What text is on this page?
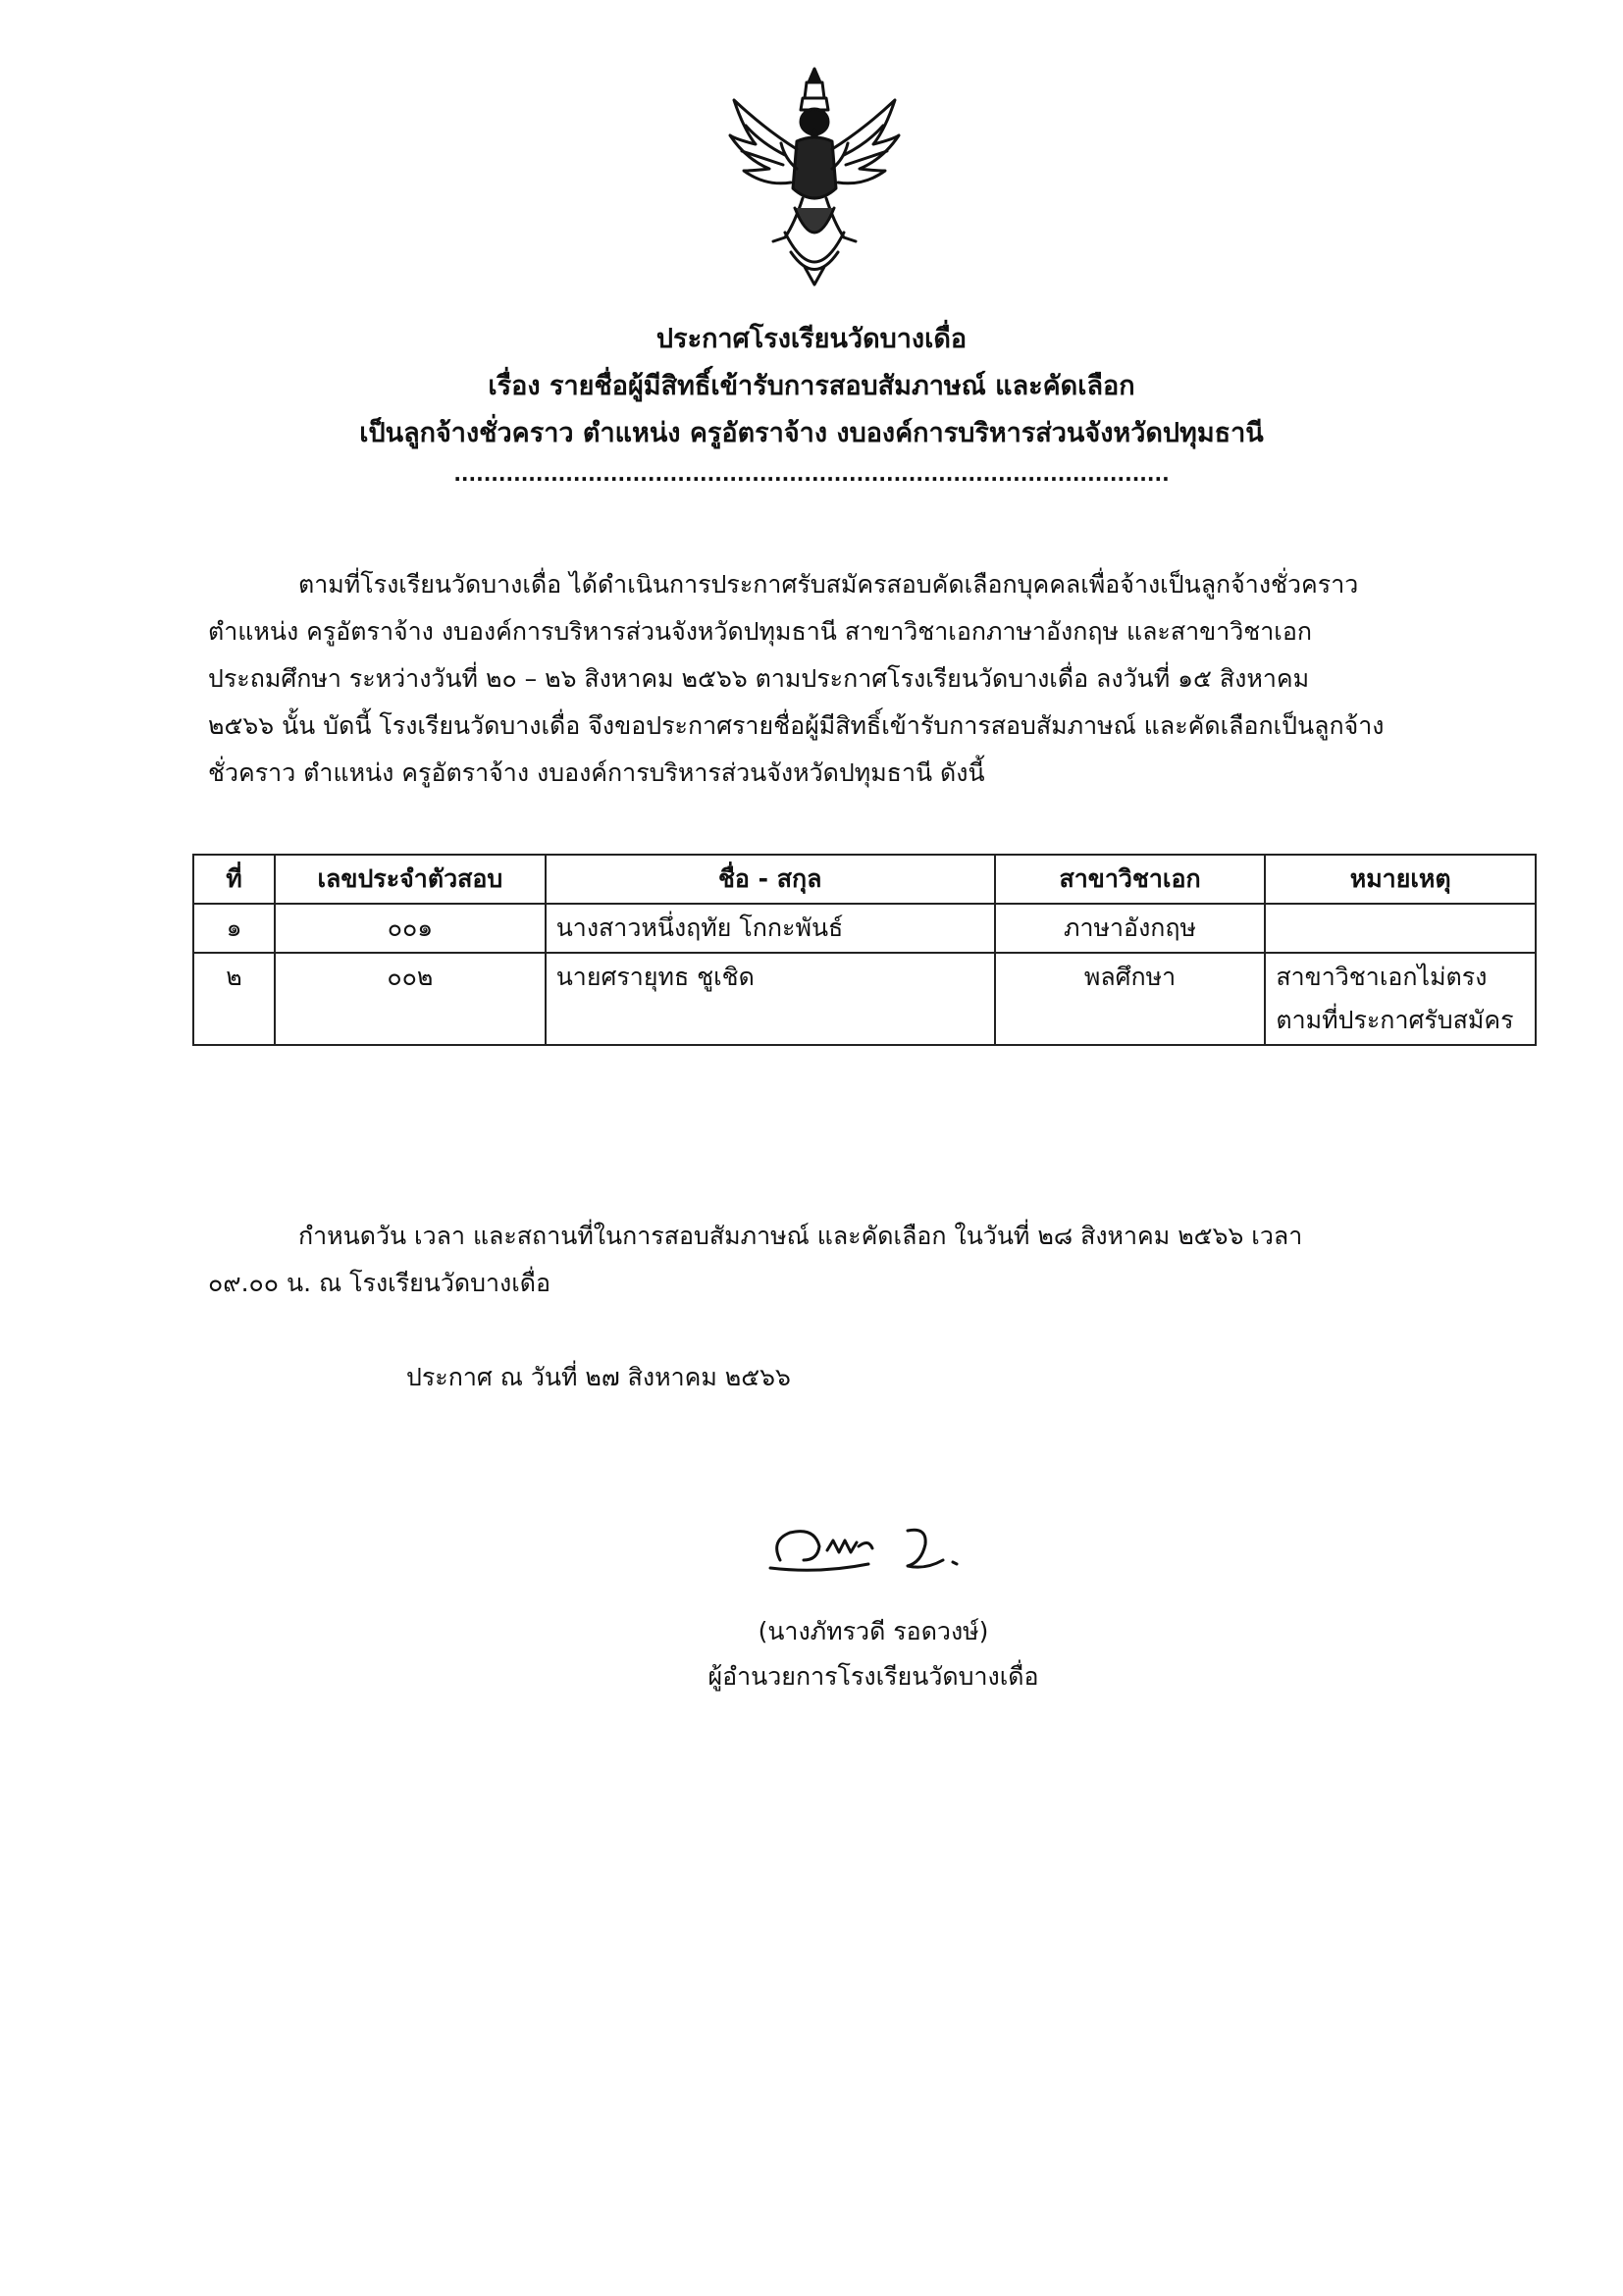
ประกาศโรงเรียนวัดบางเดื่อ
เรื่อง รายชื่อผู้มีสิทธิ์เข้ารับการสอบสัมภาษณ์ และคัดเลือก
เป็นลูกจ้างชั่วคราว ตำแหน่ง ครูอัตราจ้าง งบองค์การบริหารส่วนจังหวัดปทุมธานี
................................................................................................
ตามที่โรงเรียนวัดบางเดื่อ ได้ดำเนินการประกาศรับสมัครสอบคัดเลือกบุคคลเพื่อจ้างเป็นลูกจ้างชั่วคราว
ตำแหน่ง ครูอัตราจ้าง งบองค์การบริหารส่วนจังหวัดปทุมธานี สาขาวิชาเอกภาษาอังกฤษ และสาขาวิชาเอก
ประถมศึกษา ระหว่างวันที่ ๒๐ – ๒๖ สิงหาคม ๒๕๖๖ ตามประกาศโรงเรียนวัดบางเดื่อ ลงวันที่ ๑๕ สิงหาคม
๒๕๖๖ นั้น บัดนี้ โรงเรียนวัดบางเดื่อ จึงขอประกาศรายชื่อผู้มีสิทธิ์เข้ารับการสอบสัมภาษณ์ และคัดเลือกเป็นลูกจ้าง
ชั่วคราว ตำแหน่ง ครูอัตราจ้าง งบองค์การบริหารส่วนจังหวัดปทุมธานี ดังนี้
ที่	เลขประจำตัวสอบ	ชื่อ - สกุล	สาขาวิชาเอก	หมายเหตุ
๑	๐๐๑	นางสาวหนึ่งฤทัย โกกะพันธ์	ภาษาอังกฤษ	
๒	๐๐๒	นายศรายุทธ ชูเชิด	พลศึกษา	สาขาวิชาเอกไม่ตรงตามที่ประกาศรับสมัคร
กำหนดวัน เวลา และสถานที่ในการสอบสัมภาษณ์ และคัดเลือก ในวันที่ ๒๘ สิงหาคม ๒๕๖๖ เวลา
๐๙.๐๐ น. ณ โรงเรียนวัดบางเดื่อ
ประกาศ ณ วันที่ ๒๗ สิงหาคม ๒๕๖๖
(นางภัทรวดี รอดวงษ์)
ผู้อำนวยการโรงเรียนวัดบางเดื่อ
